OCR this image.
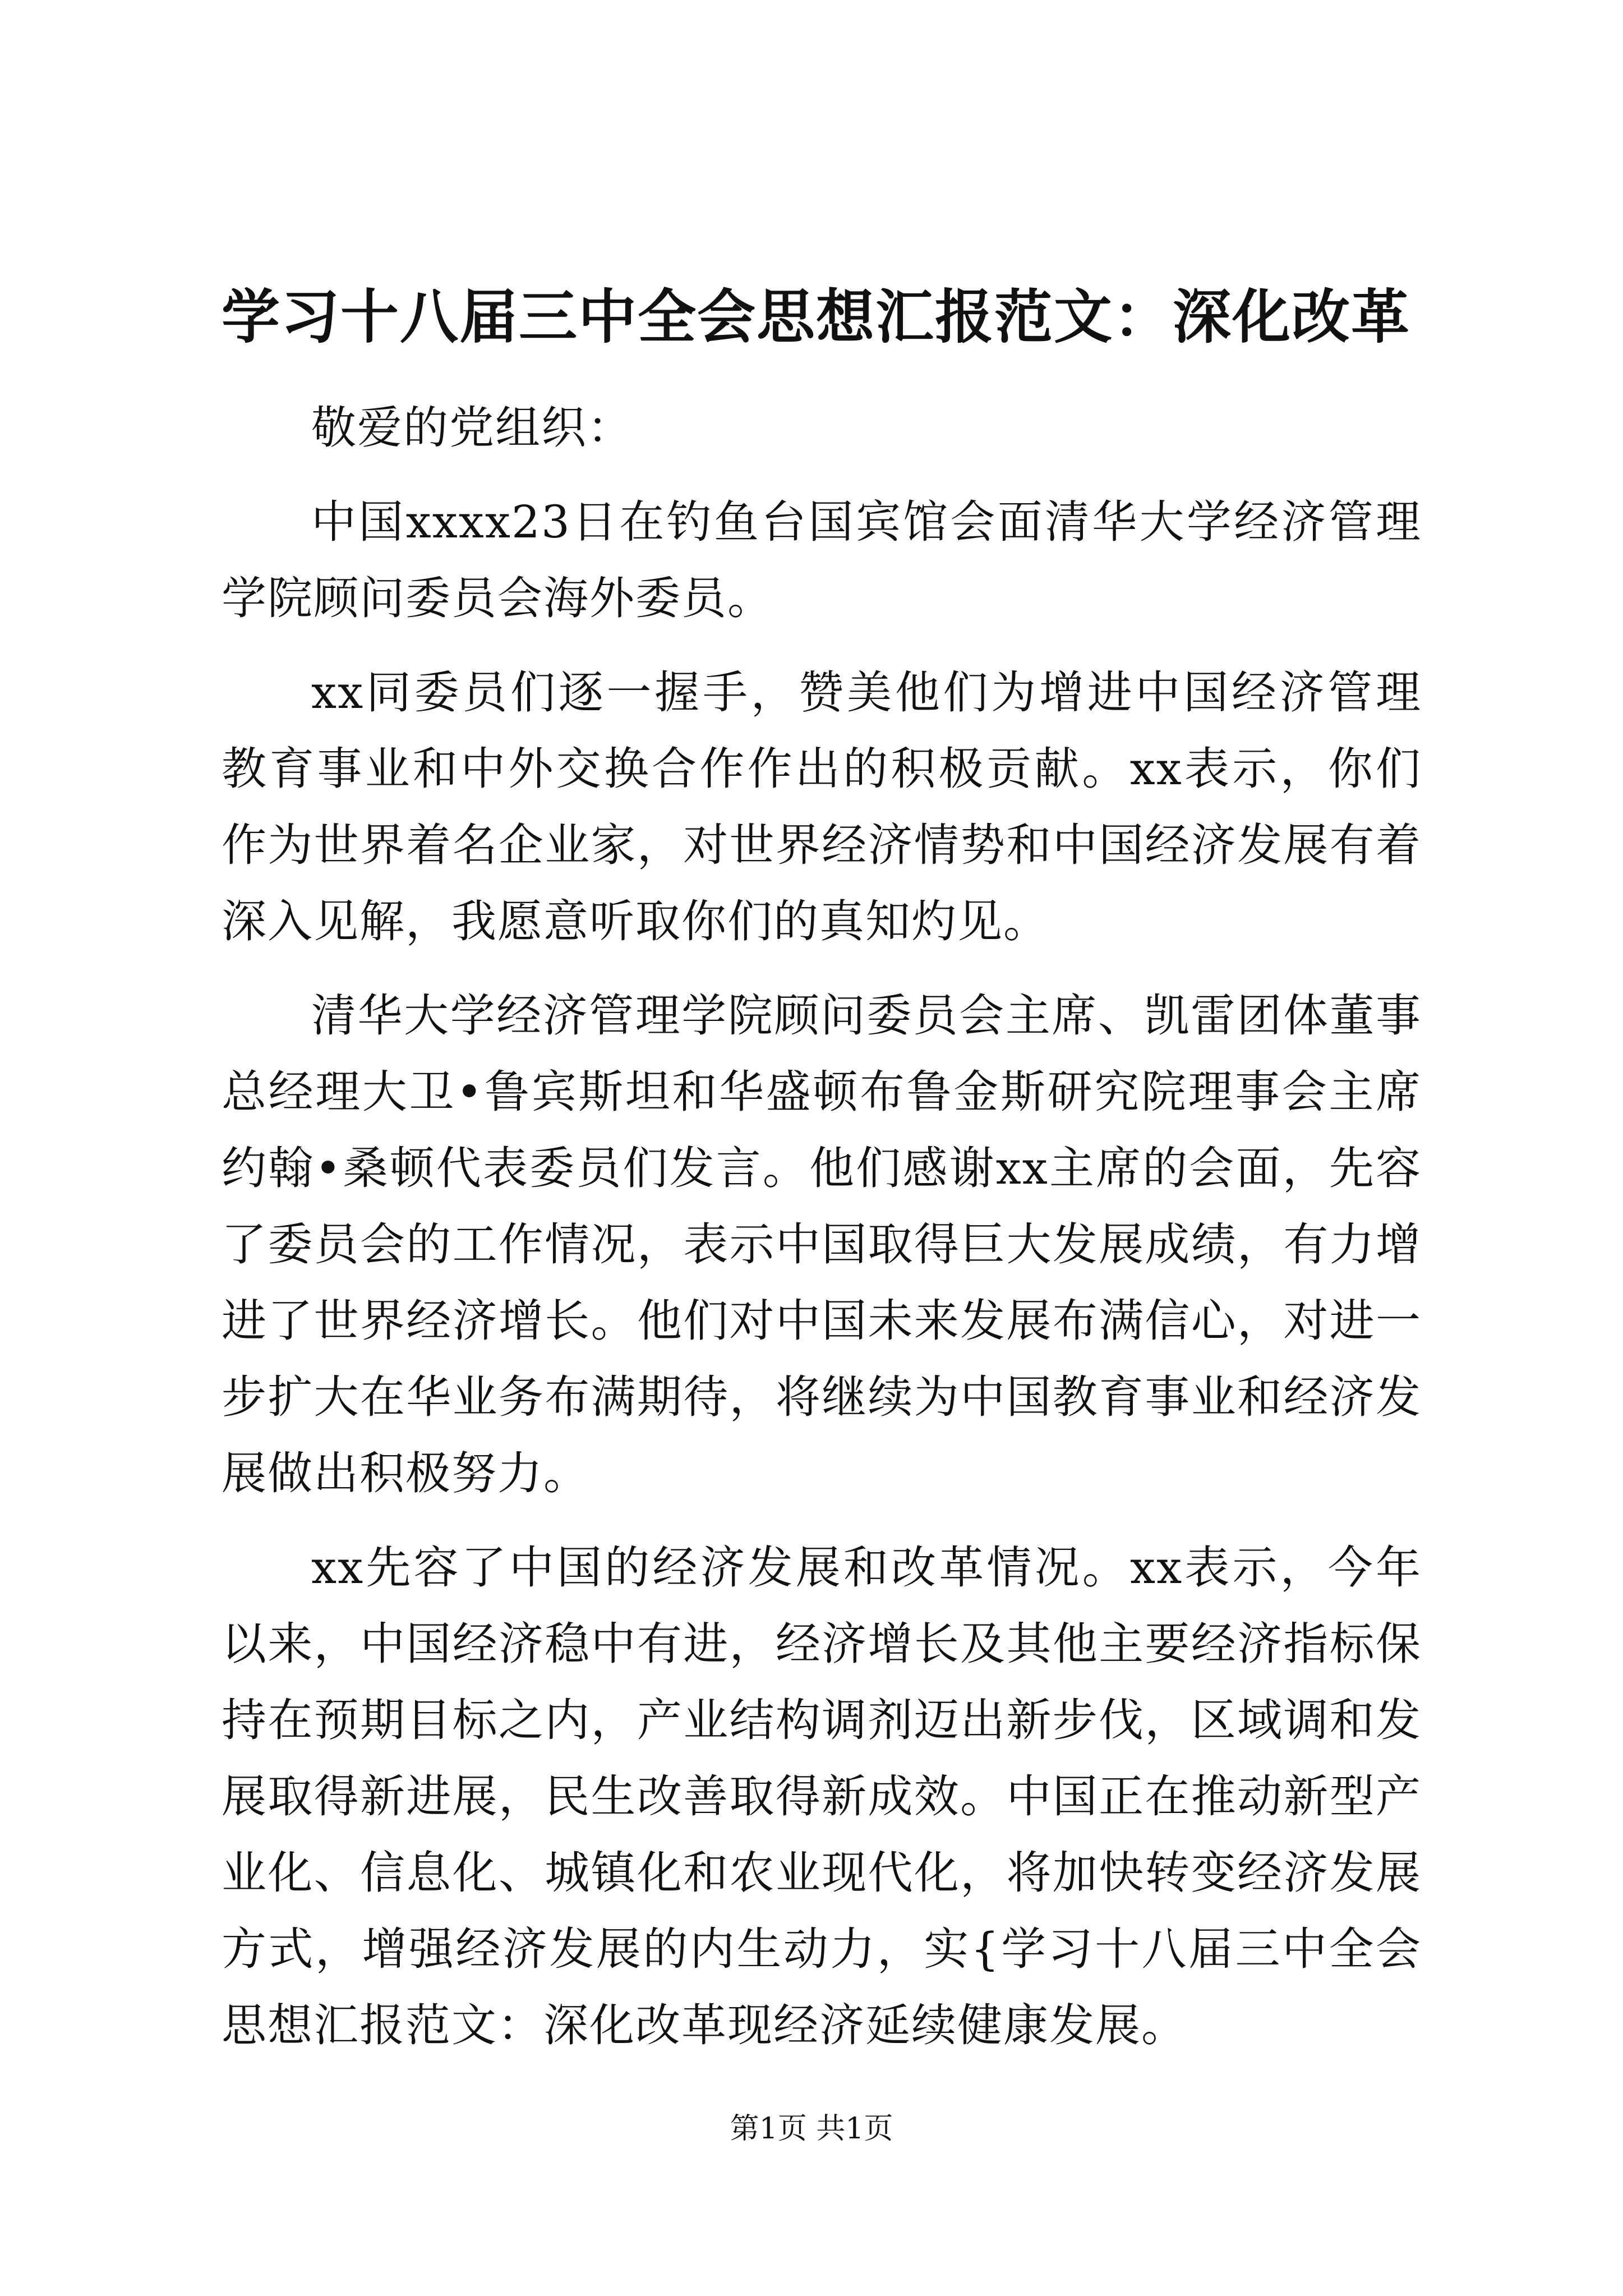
学习十八届三中全会思想汇报范文：深化改革

敬爱的党组织：

中国xxxx23日在钓鱼台国宾馆会面清华大学经济管理学院顾问委员会海外委员。

xx同委员们逐一握手，赞美他们为增进中国经济管理教育事业和中外交换合作作出的积极贡献。xx表示，你们作为世界着名企业家，对世界经济情势和中国经济发展有着深入见解，我愿意听取你们的真知灼见。

清华大学经济管理学院顾问委员会主席、凯雷团体董事总经理大卫•鲁宾斯坦和华盛顿布鲁金斯研究院理事会主席约翰•桑顿代表委员们发言。他们感谢xx主席的会面，先容了委员会的工作情况，表示中国取得巨大发展成绩，有力增进了世界经济增长。他们对中国未来发展布满信心，对进一步扩大在华业务布满期待，将继续为中国教育事业和经济发展做出积极努力。

xx先容了中国的经济发展和改革情况。xx表示，今年以来，中国经济稳中有进，经济增长及其他主要经济指标保持在预期目标之内，产业结构调剂迈出新步伐，区域调和发展取得新进展，民生改善取得新成效。中国正在推动新型产业化、信息化、城镇化和农业现代化，将加快转变经济发展方式，增强经济发展的内生动力，实{学习十八届三中全会思想汇报范文：深化改革现经济延续健康发展。

第1页 共1页
